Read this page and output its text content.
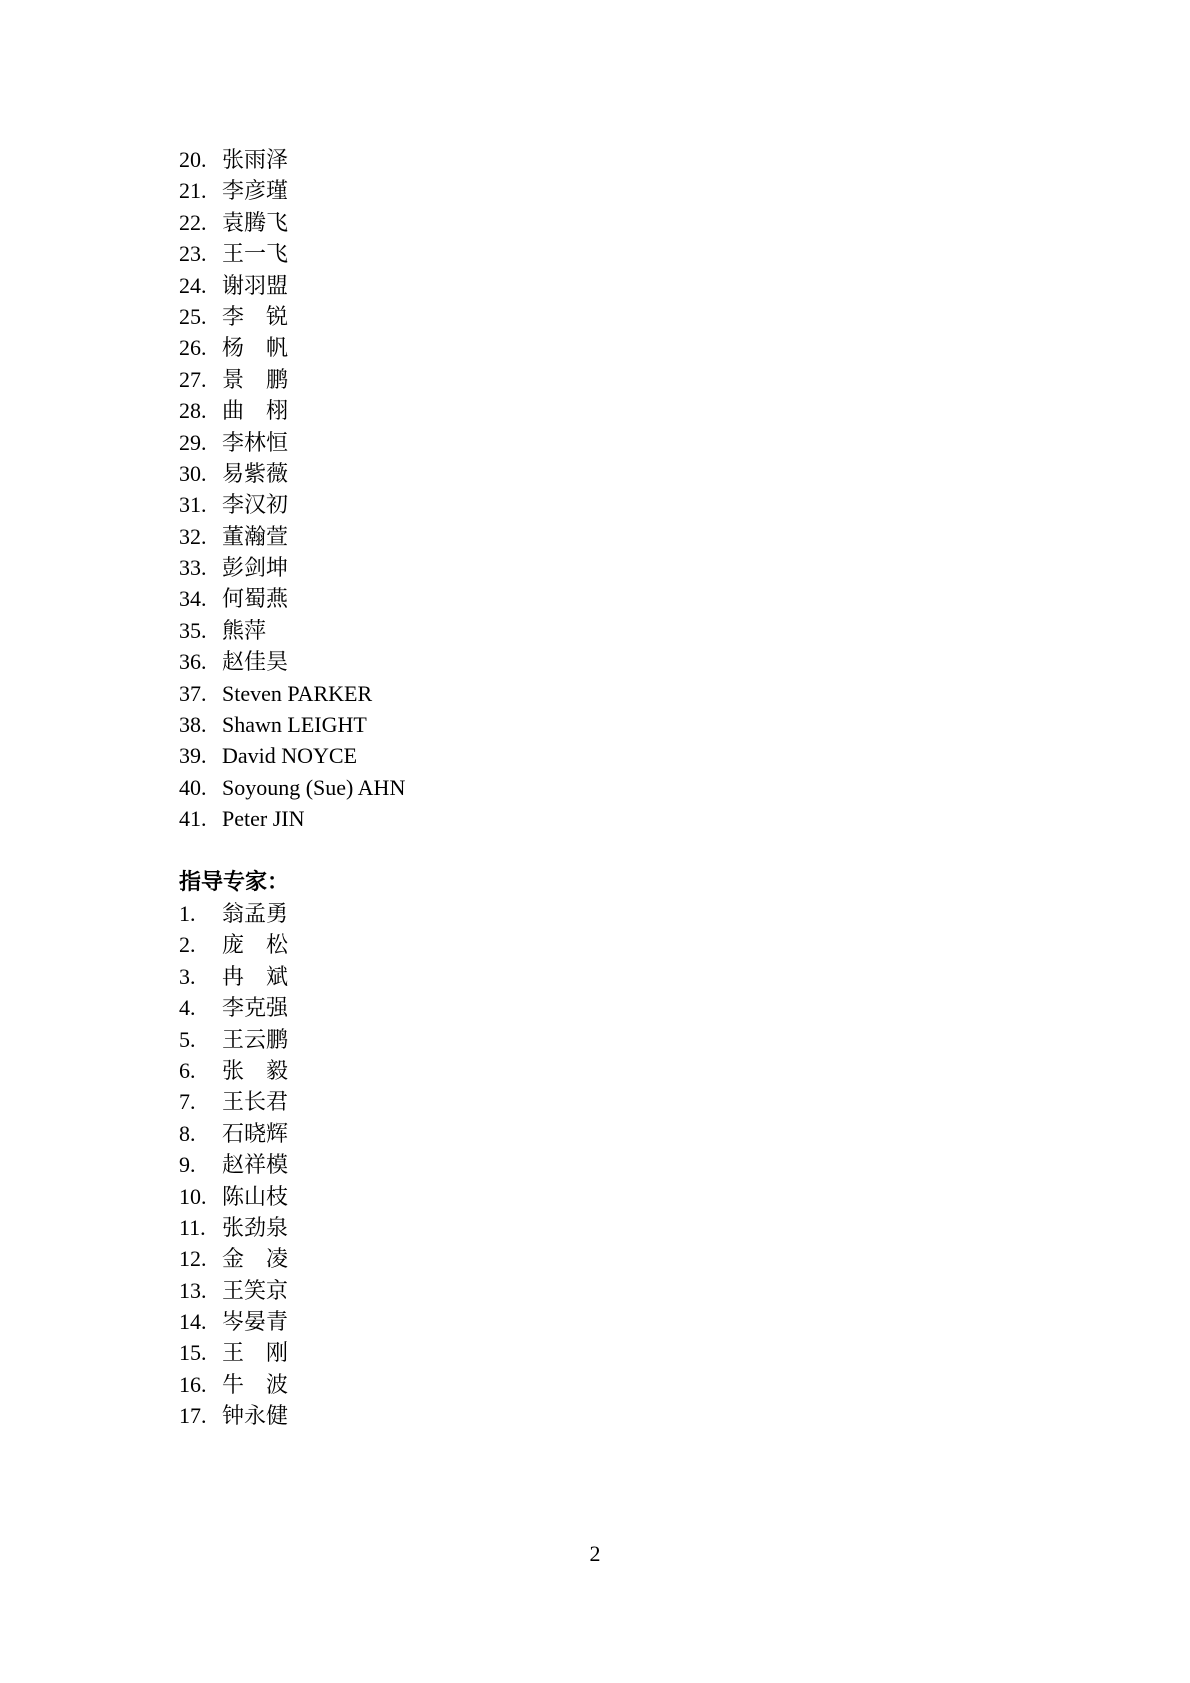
20. 张雨泽
21. 李彦瑾
22. 袁腾飞
23. 王一飞
24. 谢羽盟
25. 李　锐
26. 杨　帆
27. 景　鹏
28. 曲　栩
29. 李林恒
30. 易紫薇
31. 李汉初
32. 董瀚萱
33. 彭剑坤
34. 何蜀燕
35. 熊萍
36. 赵佳昊
37. Steven PARKER
38. Shawn LEIGHT
39. David NOYCE
40. Soyoung (Sue) AHN
41. Peter JIN
指导专家：
1.	翁孟勇
2.	庞　松
3.	冉　斌
4.	李克强
5.	王云鹏
6.	张　毅
7.	王长君
8.	石晓辉
9.	赵祥模
10. 陈山枝
11. 张劲泉
12. 金　凌
13. 王笑京
14. 岑晏青
15. 王　刚
16. 牛　波
17. 钟永健
2
